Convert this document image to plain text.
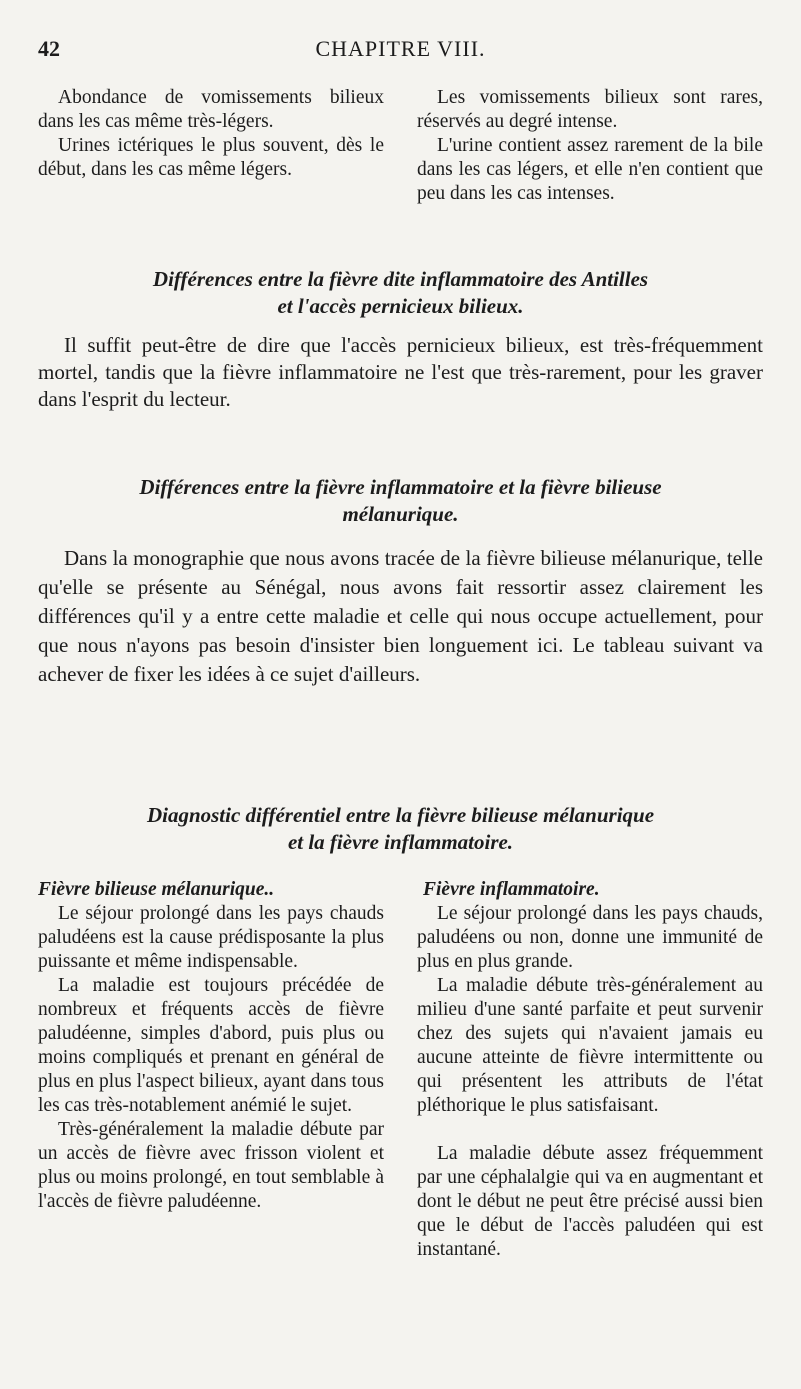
42	CHAPITRE VIII.

Abondance de vomissements bilieux dans les cas même très-légers.

Urines ictériques le plus souvent, dès le début, dans les cas même légers.

Les vomissements bilieux sont rares, réservés au degré intense.

L'urine contient assez rarement de la bile dans les cas légers, et elle n'en contient que peu dans les cas intenses.

Différences entre la fièvre dite inflammatoire des Antilles

et l'accès pernicieux bilieux.

Il suffit peut-être de dire que l'accès pernicieux bilieux, est très-fréquemment mortel, tandis que la fièvre inflammatoire ne l'est que très-rarement, pour les graver dans l'esprit du lecteur.

Différences entre la fièvre inflammatoire et la fièvre bilieuse

mélanurique.

Dans la monographie que nous avons tracée de la fièvre bilieuse mélanurique, telle qu'elle se présente au Sénégal, nous avons fait ressortir assez clairement les différences qu'il y a entre cette maladie et celle qui nous occupe actuellement, pour que nous n'ayons pas besoin d'insister bien longuement ici. Le tableau suivant va achever de fixer les idées à ce sujet d'ailleurs.

Diagnostic différentiel entre la fièvre bilieuse mélanurique

et la fièvre inflammatoire.

Fièvre bilieuse mélanurique..

Le séjour prolongé dans les pays chauds paludéens est la cause prédisposante la plus puissante et même indispensable.

La maladie est toujours précédée de nombreux et fréquents accès de fièvre paludéenne, simples d'abord, puis plus ou moins compliqués et prenant en général de plus en plus l'aspect bilieux, ayant dans tous les cas très-notablement anémié le sujet.

Très-généralement la maladie débute par un accès de fièvre avec frisson violent et plus ou moins prolongé, en tout semblable à l'accès de fièvre paludéenne.

Fièvre inflammatoire.

Le séjour prolongé dans les pays chauds, paludéens ou non, donne une immunité de plus en plus grande.

La maladie débute très-généralement au milieu d'une santé parfaite et peut survenir chez des sujets qui n'avaient jamais eu aucune atteinte de fièvre intermittente ou qui présentent les attributs de l'état pléthorique le plus satisfaisant.

La maladie débute assez fréquemment par une céphalalgie qui va en augmentant et dont le début ne peut être précisé aussi bien que le début de l'accès paludéen qui est instantané.
